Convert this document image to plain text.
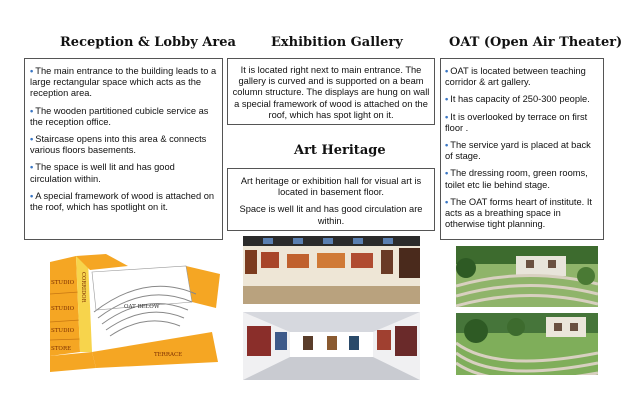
Reception & Lobby Area	Exhibition Gallery	OAT (Open Air Theater)
Art Heritage

• The main entrance to the building leads to a large rectangular space which acts as the reception area.

• The wooden partitioned cubicle service as the reception office.

• Staircase opens into this area & connects various floors basements.

• The space is well lit and has good circulation within.

• A special framework of wood is attached on the roof, which has spotlight on it.

It is located right next to main entrance. The gallery is curved and is supported on a beam column structure. The displays are hung on wall a special framework of wood is attached on the roof, which has spot light on it.

Art heritage or exhibition hall for visual art is located in basement floor.

Space is well lit and has good circulation are within.

• OAT is located between teaching corridor & art gallery.

• It has capacity of 250-300 people.

• It is overlooked by terrace on first floor .

• The service yard is placed at back of stage.

• The dressing room, green rooms, toilet etc lie behind stage.

• The OAT forms heart of institute. It acts as a breathing space in otherwise tight planning.

STUDIO
STUDIO
STUDIO
STORE
CORRIDOR
OAT BELOW
TERRACE
